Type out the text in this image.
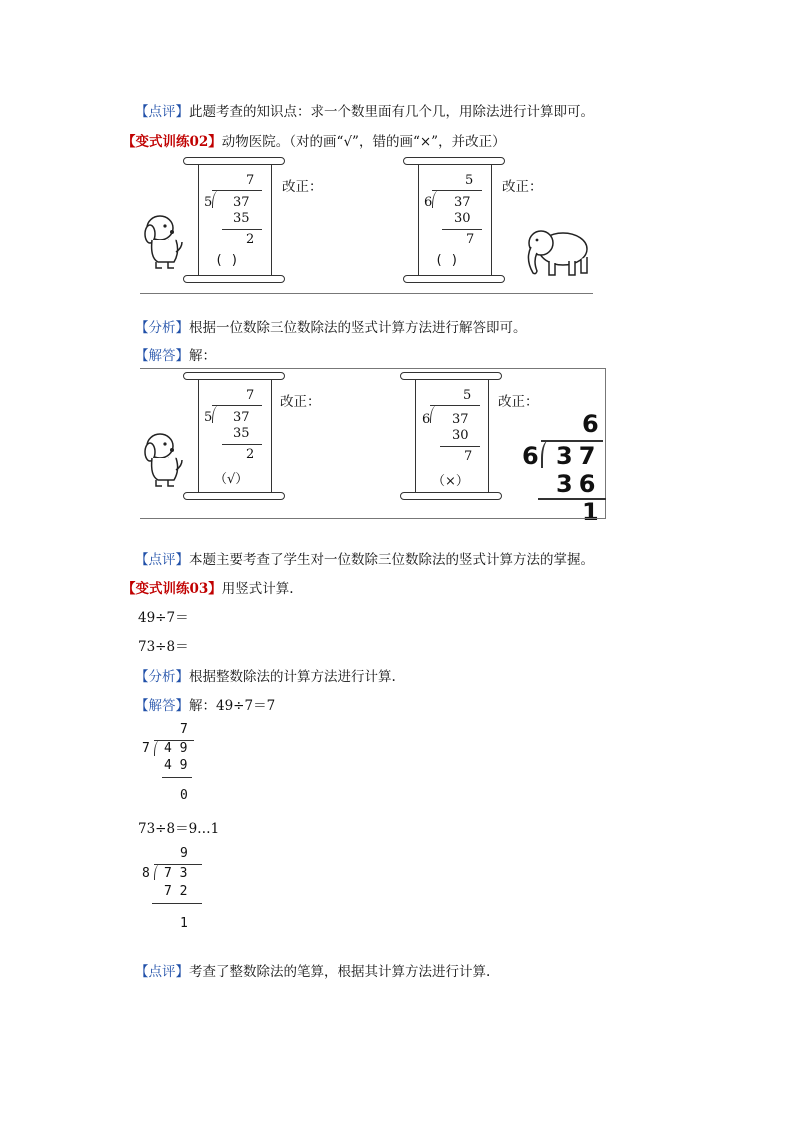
【点评】此题考查的知识点：求一个数里面有几个几，用除法进行计算即可。
【变式训练02】动物医院。（对的画“√”，错的画“×”，并改正）
7
5 37
35
2
( )
改正：	5
6 37
30
7
( )
改正：
【分析】根据一位数除三位数除法的竖式计算方法进行解答即可。
【解答】解：
7
5 37
35
2
（√）
改正：	5
6 37
30
7
（×）
改正：
6
6 37
36
1
【点评】本题主要考查了学生对一位数除三位数除法的竖式计算方法的掌握。
【变式训练03】用竖式计算.
49÷7＝
73÷8＝
【分析】根据整数除法的计算方法进行计算.
【解答】解：49÷7＝7
7
7 4 9
4 9
0
73÷8＝9…1
9
8 7 3
7 2
1
【点评】考查了整数除法的笔算，根据其计算方法进行计算.
